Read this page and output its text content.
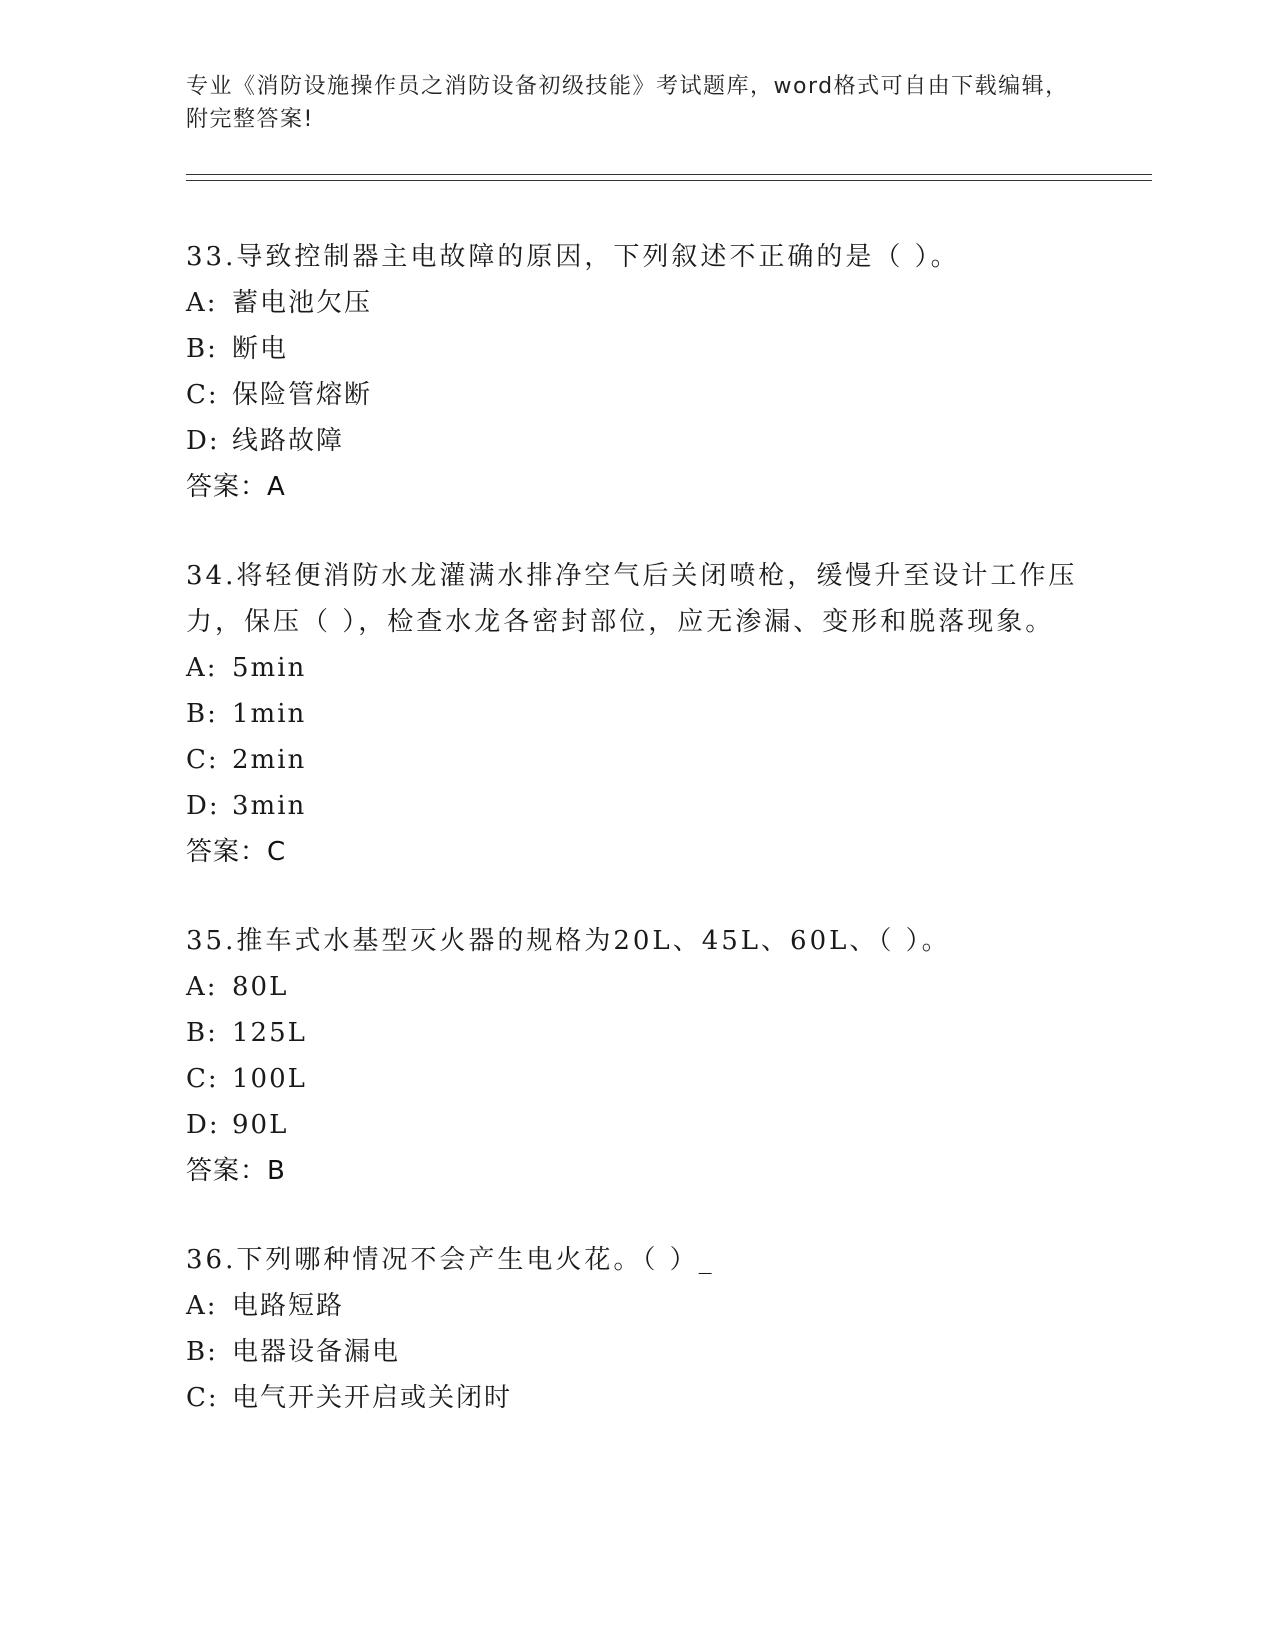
专业《消防设施操作员之消防设备初级技能》考试题库，word格式可自由下载编辑，附完整答案!
33.导致控制器主电故障的原因，下列叙述不正确的是（ ）。
A: 蓄电池欠压
B: 断电
C: 保险管熔断
D: 线路故障
答案：A
34.将轻便消防水龙灌满水排净空气后关闭喷枪，缓慢升至设计工作压力，保压（ ），检查水龙各密封部位，应无渗漏、变形和脱落现象。
A: 5min
B: 1min
C: 2min
D: 3min
答案：C
35.推车式水基型灭火器的规格为20L、45L、60L、（ ）。
A: 80L
B: 125L
C: 100L
D: 90L
答案：B
36.下列哪种情况不会产生电火花。（ ）_
A: 电路短路
B: 电器设备漏电
C: 电气开关开启或关闭时
